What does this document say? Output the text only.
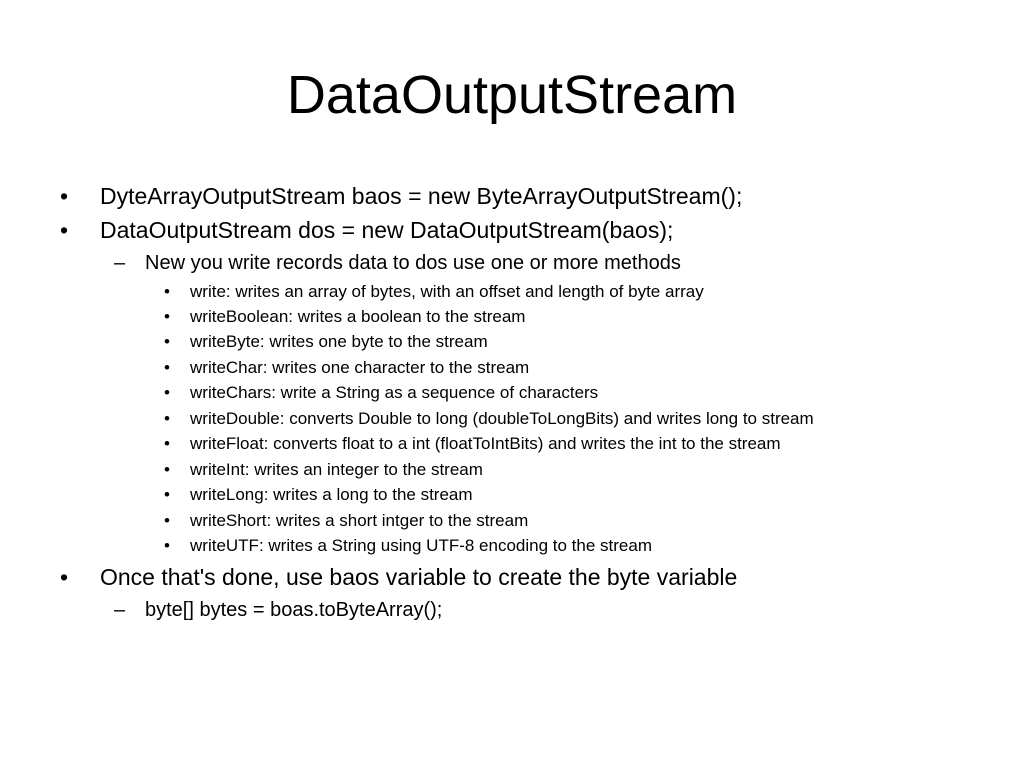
DataOutputStream
• DyteArrayOutputStream baos = new ByteArrayOutputStream();
• DataOutputStream dos = new DataOutputStream(baos);
– New you write records data to dos use one or more methods
• write: writes an array of bytes, with an offset and length of byte array
• writeBoolean: writes a boolean to the stream
• writeByte: writes one byte to the stream
• writeChar: writes one character to the stream
• writeChars: write a String as a sequence of characters
• writeDouble: converts Double to long (doubleToLongBits) and writes long to stream
• writeFloat: converts float to a int (floatToIntBits) and writes the int to the stream
• writeInt: writes an integer to the stream
• writeLong: writes a long to the stream
• writeShort: writes a short intger to the stream
• writeUTF: writes a String using UTF-8 encoding to the stream
• Once that's done, use baos variable to create the byte variable
– byte[] bytes = boas.toByteArray();
